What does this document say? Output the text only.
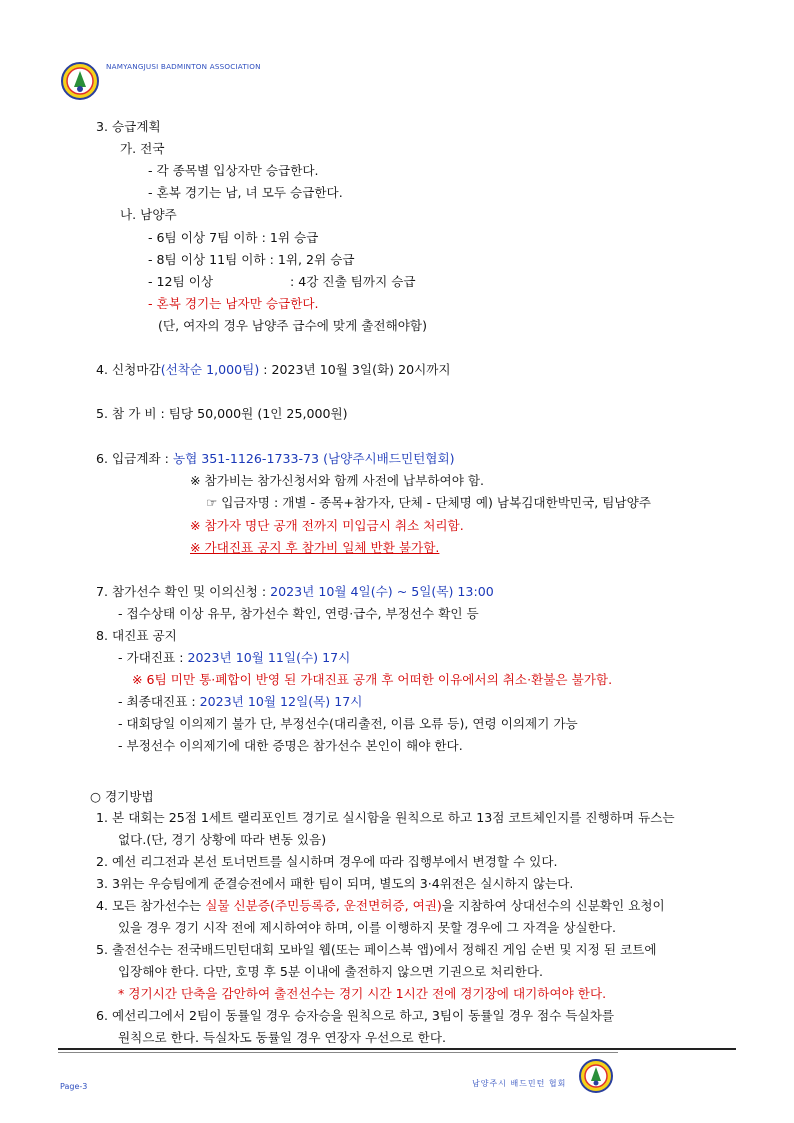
NAMYANGJUSI BADMINTON ASSOCIATION
3. 승급계획
가. 전국
- 각 종목별 입상자만 승급한다.
- 혼복 경기는 남, 녀 모두 승급한다.
나. 남양주
- 6팀 이상 7팀 이하 : 1위 승급
- 8팀 이상 11팀 이하 : 1위, 2위 승급
- 12팀 이상	: 4강 진출 팀까지 승급
- 혼복 경기는 남자만 승급한다.
(단, 여자의 경우 남양주 급수에 맞게 출전해야함)
4. 신청마감(선착순 1,000팀) : 2023년 10월 3일(화) 20시까지
5. 참 가 비 : 팀당 50,000원 (1인 25,000원)
6. 입금계좌 : 농협 351-1126-1733-73 (남양주시배드민턴협회)
※ 참가비는 참가신청서와 함께 사전에 납부하여야 함.
☞ 입금자명 : 개별 - 종목+참가자, 단체 - 단체명 예) 남복김대한박민국, 팀남양주
※ 참가자 명단 공개 전까지 미입금시 취소 처리함.
※ 가대진표 공지 후 참가비 일체 반환 불가함.
7. 참가선수 확인 및 이의신청 : 2023년 10월 4일(수) ~ 5일(목) 13:00
- 접수상태 이상 유무, 참가선수 확인, 연령·급수, 부정선수 확인 등
8. 대진표 공지
- 가대진표 : 2023년 10월 11일(수) 17시
※ 6팀 미만 통·폐합이 반영 된 가대진표 공개 후 어떠한 이유에서의 취소·환불은 불가함.
- 최종대진표 : 2023년 10월 12일(목) 17시
- 대회당일 이의제기 불가 단, 부정선수(대리출전, 이름 오류 등), 연령 이의제기 가능
- 부정선수 이의제기에 대한 증명은 참가선수 본인이 해야 한다.
○ 경기방법
1. 본 대회는 25점 1세트 랠리포인트 경기로 실시함을 원칙으로 하고 13점 코트체인지를 진행하며 듀스는
없다.(단, 경기 상황에 따라 변동 있음)
2. 예선 리그전과 본선 토너먼트를 실시하며 경우에 따라 집행부에서 변경할 수 있다.
3. 3위는 우승팀에게 준결승전에서 패한 팀이 되며, 별도의 3·4위전은 실시하지 않는다.
4. 모든 참가선수는 실물 신분증(주민등록증, 운전면허증, 여권)을 지참하여 상대선수의 신분확인 요청이
있을 경우 경기 시작 전에 제시하여야 하며, 이를 이행하지 못할 경우에 그 자격을 상실한다.
5. 출전선수는 전국배드민턴대회 모바일 웹(또는 페이스북 앱)에서 정해진 게임 순번 및 지정 된 코트에
입장해야 한다. 다만, 호명 후 5분 이내에 출전하지 않으면 기권으로 처리한다.
* 경기시간 단축을 감안하여 출전선수는 경기 시간 1시간 전에 경기장에 대기하여야 한다.
6. 예선리그에서 2팀이 동률일 경우 승자승을 원칙으로 하고, 3팀이 동률일 경우 점수 득실차를
원칙으로 한다. 득실차도 동률일 경우 연장자 우선으로 한다.
Page-3	남양주시 배드민턴 협회
